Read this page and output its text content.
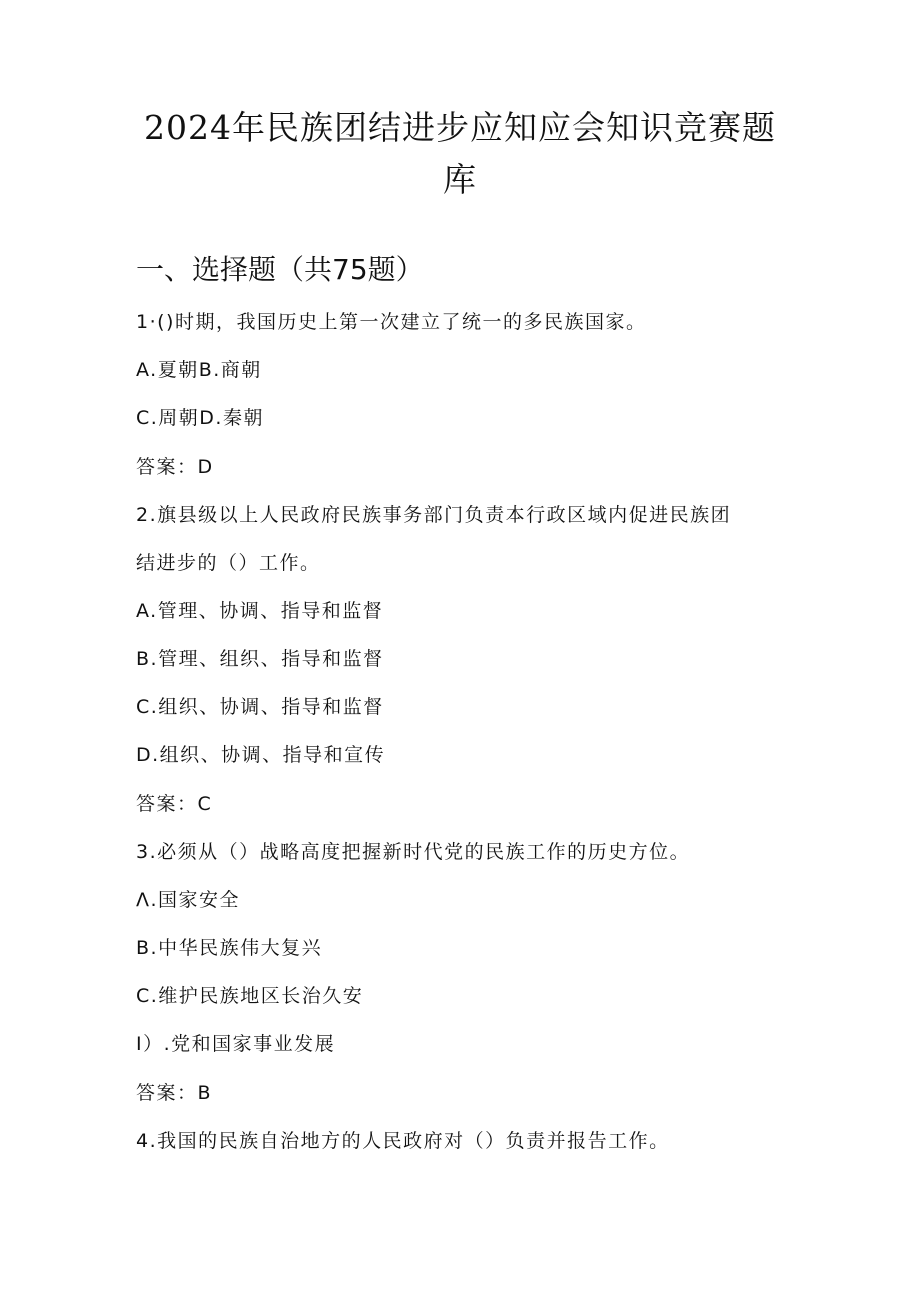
2024年民族团结进步应知应会知识竞赛题
库
一、选择题（共75题）
1·()时期，我国历史上第一次建立了统一的多民族国家。
A.夏朝B.商朝
C.周朝D.秦朝
答案：D
2.旗县级以上人民政府民族事务部门负责本行政区域内促进民族团
结进步的（）工作。
A.管理、协调、指导和监督
B.管理、组织、指导和监督
C.组织、协调、指导和监督
D.组织、协调、指导和宣传
答案：C
3.必须从（）战略高度把握新时代党的民族工作的历史方位。
Λ.国家安全
B.中华民族伟大复兴
C.维护民族地区长治久安
I）.党和国家事业发展
答案：B
4.我国的民族自治地方的人民政府对（）负责并报告工作。
